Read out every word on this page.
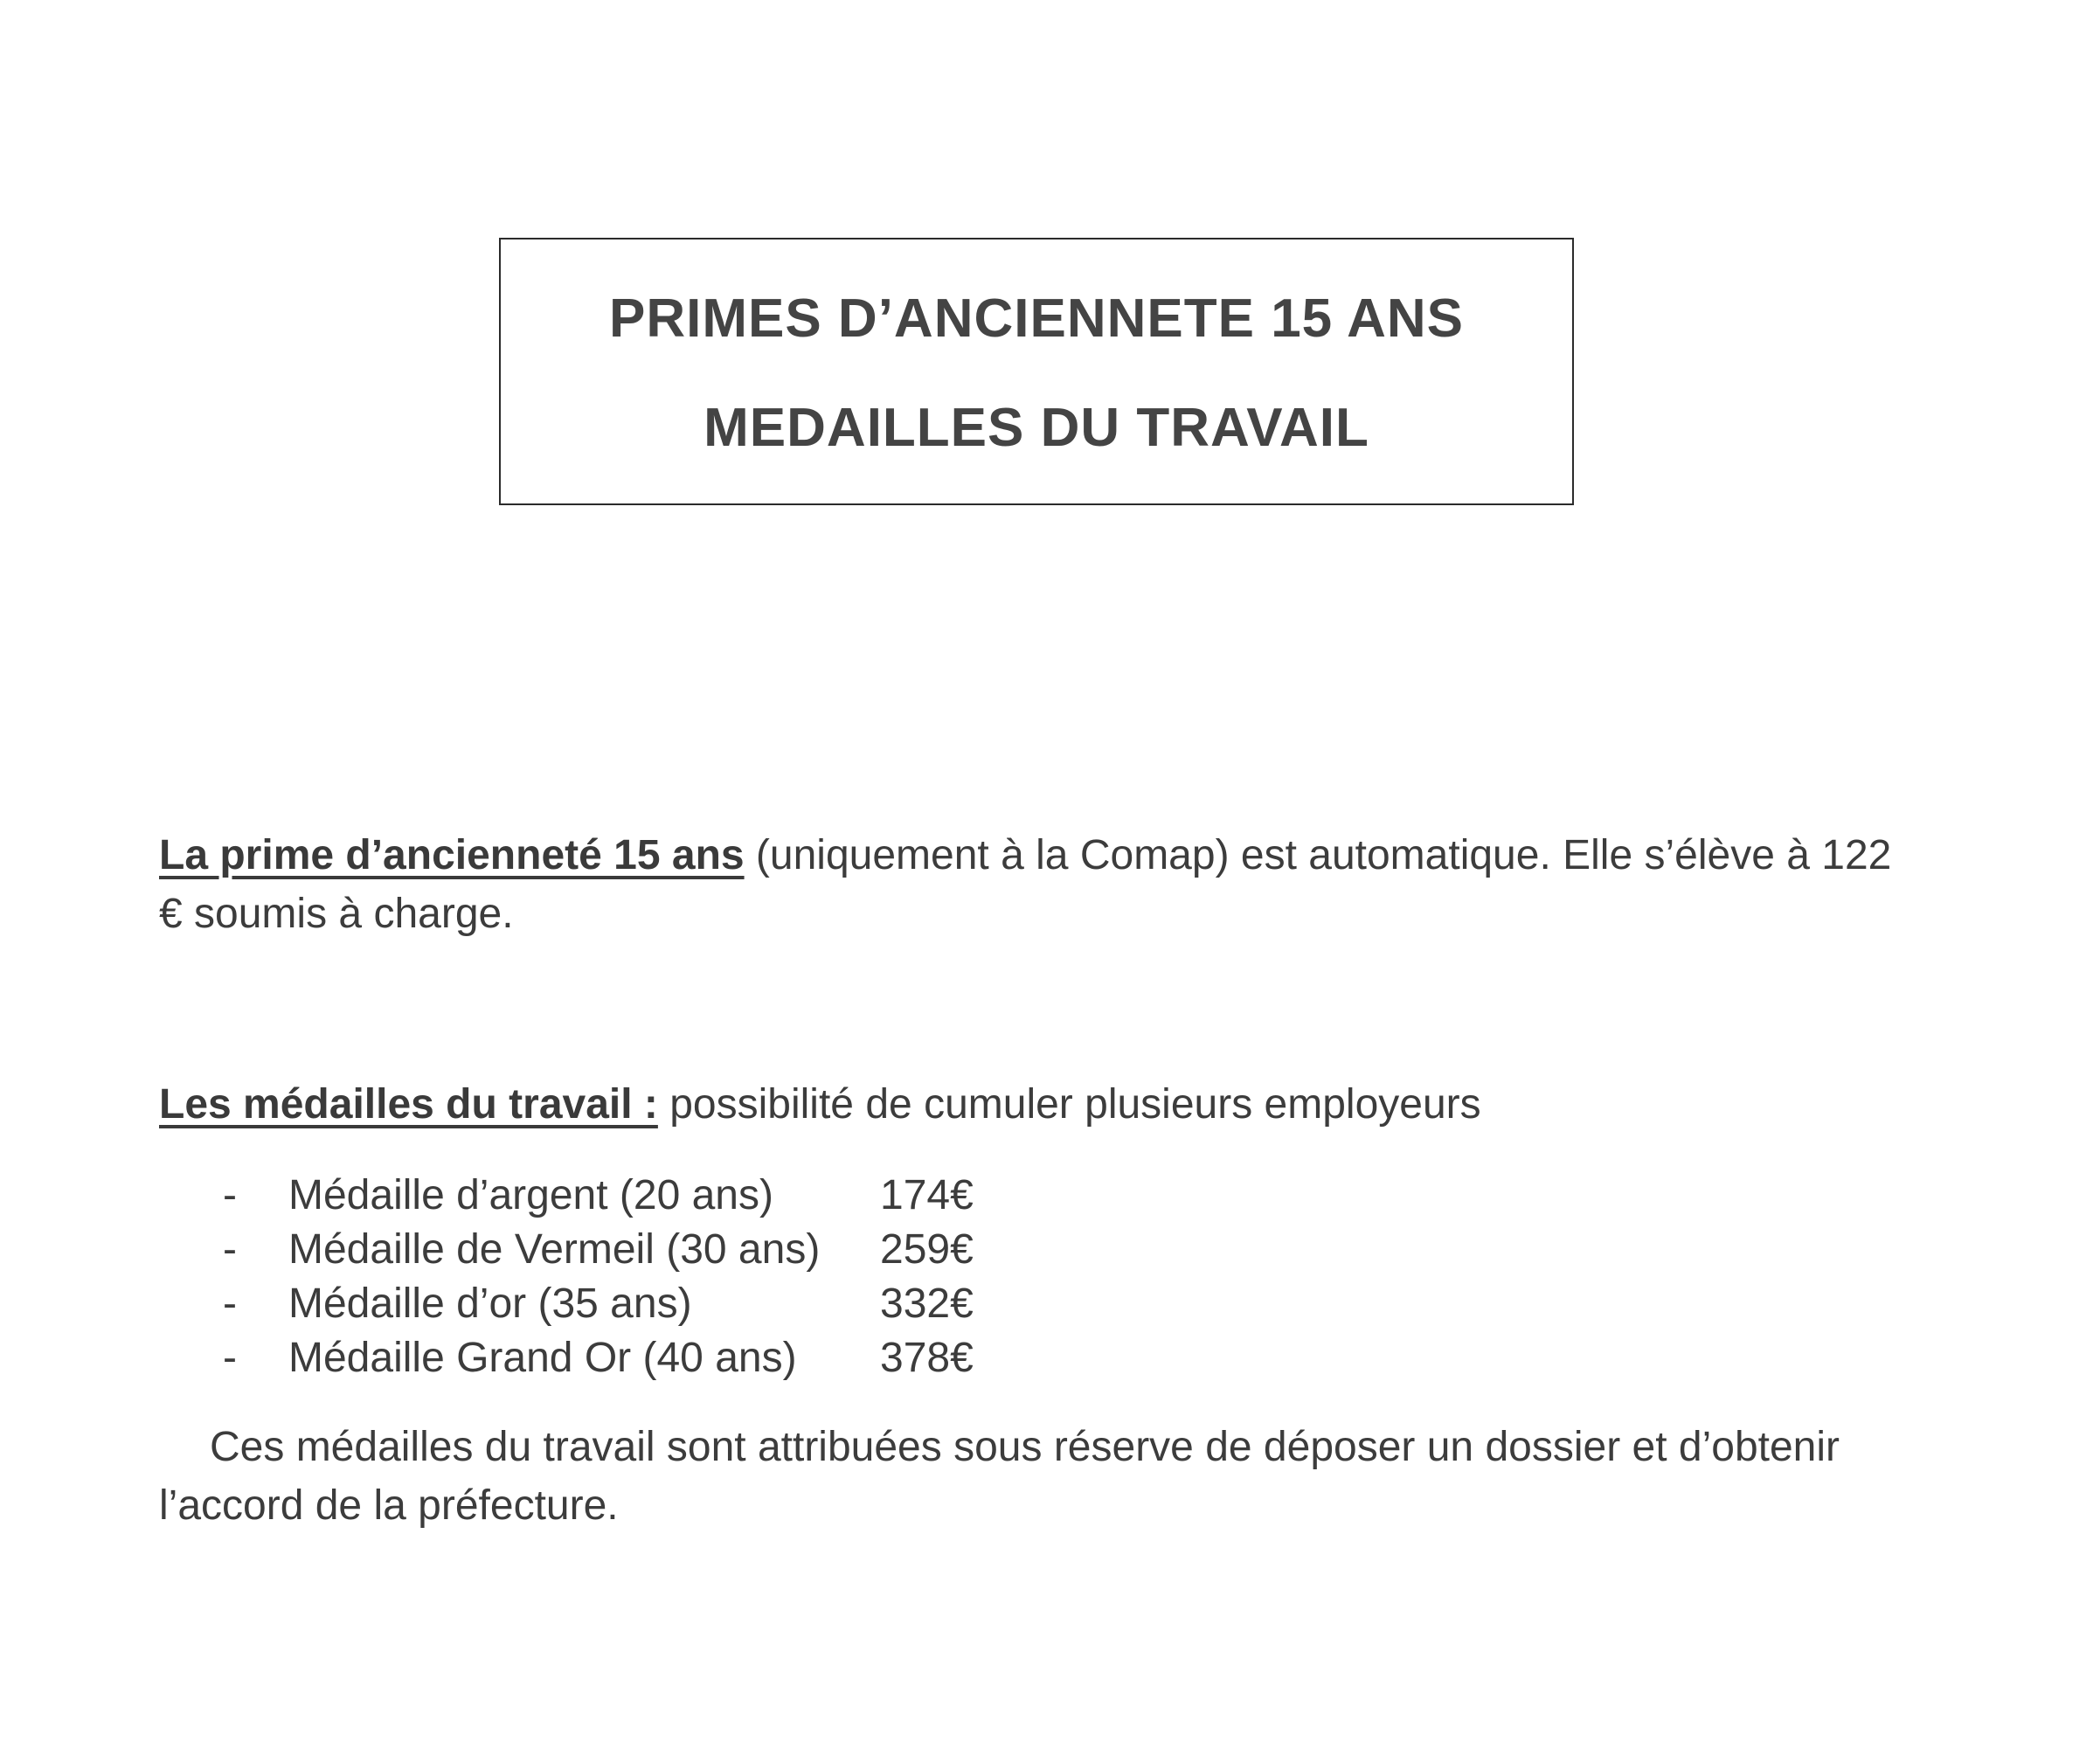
PRIMES D’ANCIENNETE 15 ANS
MEDAILLES DU TRAVAIL

La prime d’ancienneté 15 ans (uniquement à la Comap) est automatique. Elle s’élève à 122 € soumis à charge.

Les médailles du travail : possibilité de cumuler plusieurs employeurs

- Médaille d’argent (20 ans)	174€
- Médaille de Vermeil (30 ans) 259€
- Médaille d’or (35 ans)	332€
- Médaille Grand Or (40 ans) 378€

Ces médailles du travail sont attribuées sous réserve de déposer un dossier et d’obtenir l’accord de la préfecture.
